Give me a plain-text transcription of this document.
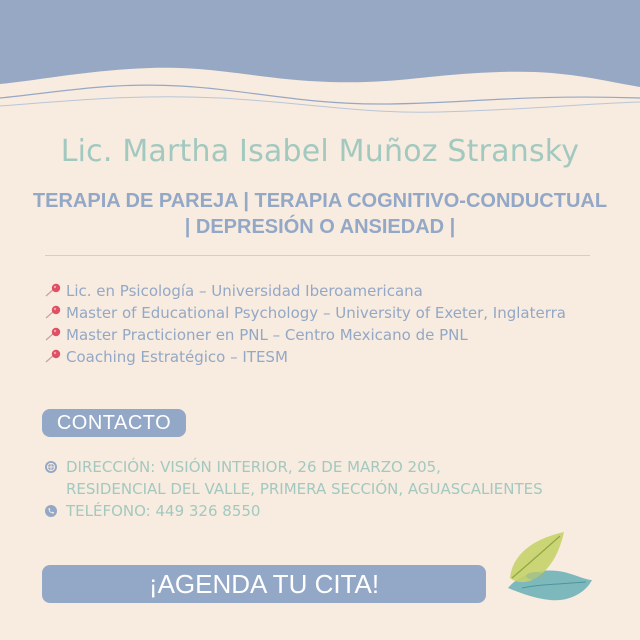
Lic. Martha Isabel Muñoz Stransky
TERAPIA DE PAREJA | TERAPIA COGNITIVO-CONDUCTUAL
| DEPRESIÓN O ANSIEDAD |
Lic. en Psicología – Universidad Iberoamericana
Master of Educational Psychology – University of Exeter, Inglaterra
Master Practicioner en PNL – Centro Mexicano de PNL
Coaching Estratégico – ITESM
CONTACTO
DIRECCIÓN: VISIÓN INTERIOR, 26 DE MARZO 205,
RESIDENCIAL DEL VALLE, PRIMERA SECCIÓN, AGUASCALIENTES
TELÉFONO: 449 326 8550
¡AGENDA TU CITA!
